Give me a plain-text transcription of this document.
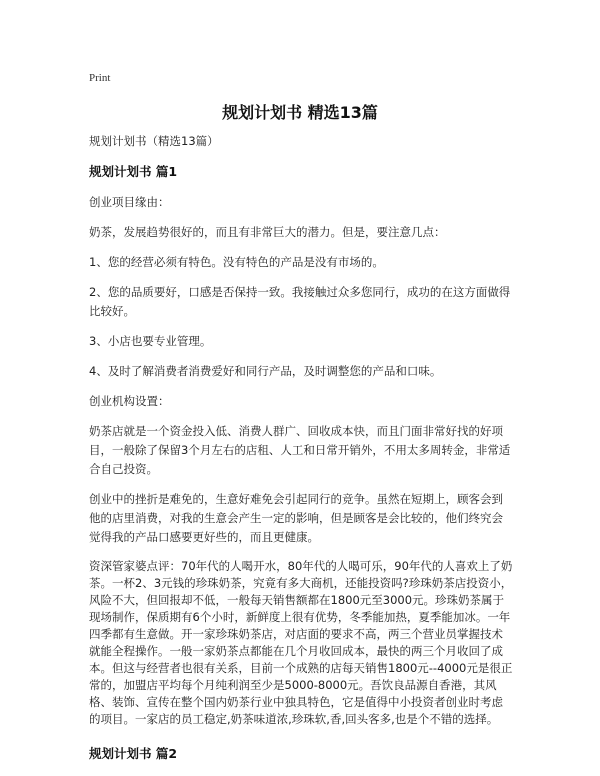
Print
规划计划书 精选13篇

规划计划书（精选13篇）

规划计划书 篇1

创业项目缘由：

奶茶，发展趋势很好的，而且有非常巨大的潜力。但是，要注意几点：

1、您的经营必须有特色。没有特色的产品是没有市场的。

2、您的品质要好，口感是否保持一致。我接触过众多您同行，成功的在这方面做得比较好。

3、小店也要专业管理。

4、及时了解消费者消费爱好和同行产品，及时调整您的产品和口味。

创业机构设置：

奶茶店就是一个资金投入低、消费人群广、回收成本快，而且门面非常好找的好项目，一般除了保留3个月左右的店租、人工和日常开销外，不用太多周转金，非常适合自己投资。

创业中的挫折是难免的，生意好难免会引起同行的竞争。虽然在短期上，顾客会到他的店里消费，对我的生意会产生一定的影响，但是顾客是会比较的，他们终究会觉得我的产品口感要更好些的，而且更健康。

资深管家婆点评：70年代的人喝开水，80年代的人喝可乐，90年代的人喜欢上了奶茶。一杯2、3元钱的珍珠奶茶，究竟有多大商机，还能投资吗?珍珠奶茶店投资小，风险不大，但回报却不低，一般每天销售额都在1800元至3000元。珍珠奶茶属于现场制作，保质期有6个小时，新鲜度上很有优势，冬季能加热，夏季能加冰。一年四季都有生意做。开一家珍珠奶茶店，对店面的要求不高，两三个营业员掌握技术就能全程操作。一般一家奶茶点都能在几个月收回成本，最快的两三个月收回了成本。但这与经营者也很有关系，目前一个成熟的店每天销售1800元--4000元是很正常的，加盟店平均每个月纯利润至少是5000-8000元。吾饮良品源自香港，其风格、装饰、宣传在整个国内奶茶行业中独具特色，它是值得中小投资者创业时考虑的项目。一家店的员工稳定,奶茶味道浓,珍珠软,香,回头客多,也是个不错的选择。

规划计划书 篇2
